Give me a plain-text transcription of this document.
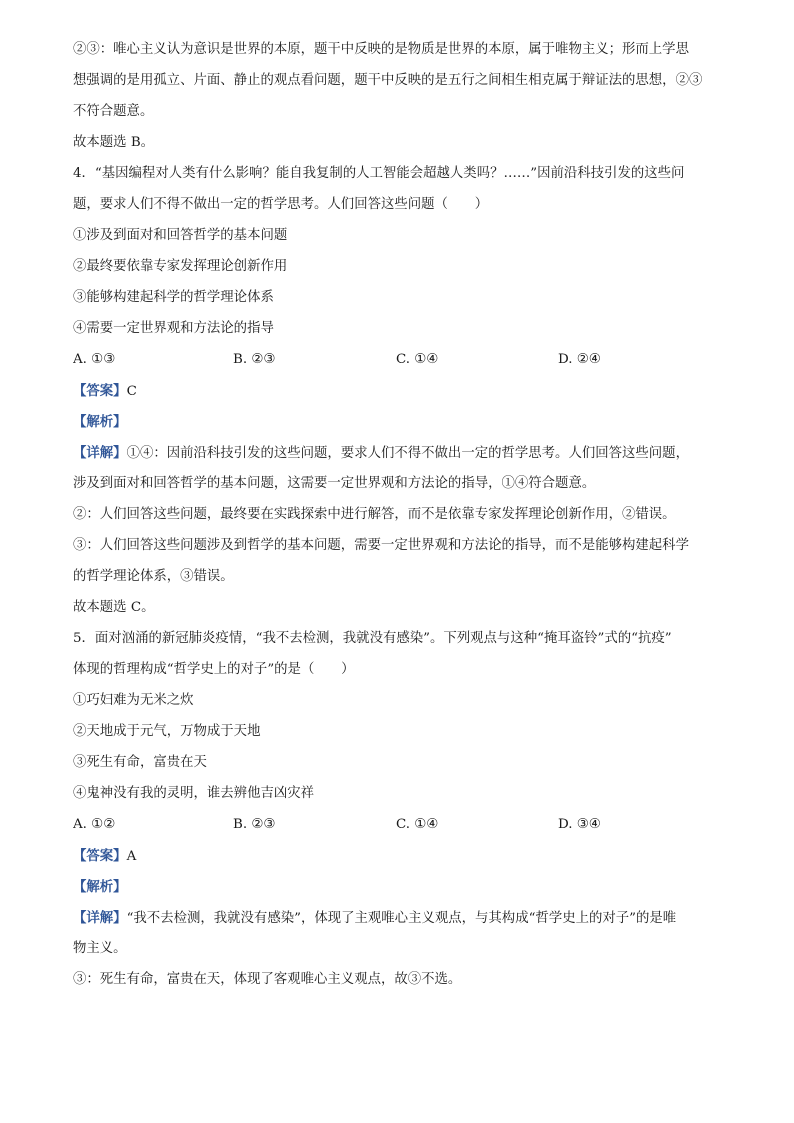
②③：唯心主义认为意识是世界的本原，题干中反映的是物质是世界的本原，属于唯物主义；形而上学思
想强调的是用孤立、片面、静止的观点看问题，题干中反映的是五行之间相生相克属于辩证法的思想，②③
不符合题意。
故本题选 B。
4．“基因编程对人类有什么影响？能自我复制的人工智能会超越人类吗？……”因前沿科技引发的这些问
题，要求人们不得不做出一定的哲学思考。人们回答这些问题（　　）
①涉及到面对和回答哲学的基本问题
②最终要依靠专家发挥理论创新作用
③能够构建起科学的哲学理论体系
④需要一定世界观和方法论的指导
A. ①③	B. ②③	C. ①④	D. ②④
【答案】C
【解析】
【详解】①④：因前沿科技引发的这些问题，要求人们不得不做出一定的哲学思考。人们回答这些问题，
涉及到面对和回答哲学的基本问题，这需要一定世界观和方法论的指导，①④符合题意。
②：人们回答这些问题，最终要在实践探索中进行解答，而不是依靠专家发挥理论创新作用，②错误。
③：人们回答这些问题涉及到哲学的基本问题，需要一定世界观和方法论的指导，而不是能够构建起科学
的哲学理论体系，③错误。
故本题选 C。
5．面对汹涌的新冠肺炎疫情，“我不去检测，我就没有感染”。下列观点与这种“掩耳盗铃”式的“抗疫”
体现的哲理构成“哲学史上的对子”的是（　　）
①巧妇难为无米之炊
②天地成于元气，万物成于天地
③死生有命，富贵在天
④鬼神没有我的灵明，谁去辨他吉凶灾祥
A. ①②	B. ②③	C. ①④	D. ③④
【答案】A
【解析】
【详解】“我不去检测，我就没有感染”，体现了主观唯心主义观点，与其构成“哲学史上的对子”的是唯
物主义。
③：死生有命，富贵在天，体现了客观唯心主义观点，故③不选。
